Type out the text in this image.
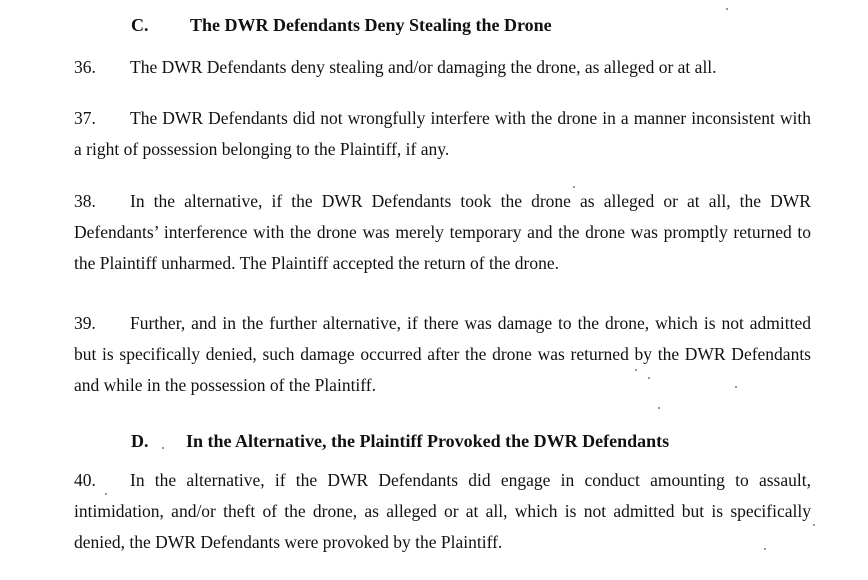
C. The DWR Defendants Deny Stealing the Drone
36. The DWR Defendants deny stealing and/or damaging the drone, as alleged or at all.
37. The DWR Defendants did not wrongfully interfere with the drone in a manner inconsistent with a right of possession belonging to the Plaintiff, if any.
38. In the alternative, if the DWR Defendants took the drone as alleged or at all, the DWR Defendants’ interference with the drone was merely temporary and the drone was promptly returned to the Plaintiff unharmed. The Plaintiff accepted the return of the drone.
39. Further, and in the further alternative, if there was damage to the drone, which is not admitted but is specifically denied, such damage occurred after the drone was returned by the DWR Defendants and while in the possession of the Plaintiff.
D. In the Alternative, the Plaintiff Provoked the DWR Defendants
40. In the alternative, if the DWR Defendants did engage in conduct amounting to assault, intimidation, and/or theft of the drone, as alleged or at all, which is not admitted but is specifically denied, the DWR Defendants were provoked by the Plaintiff.
